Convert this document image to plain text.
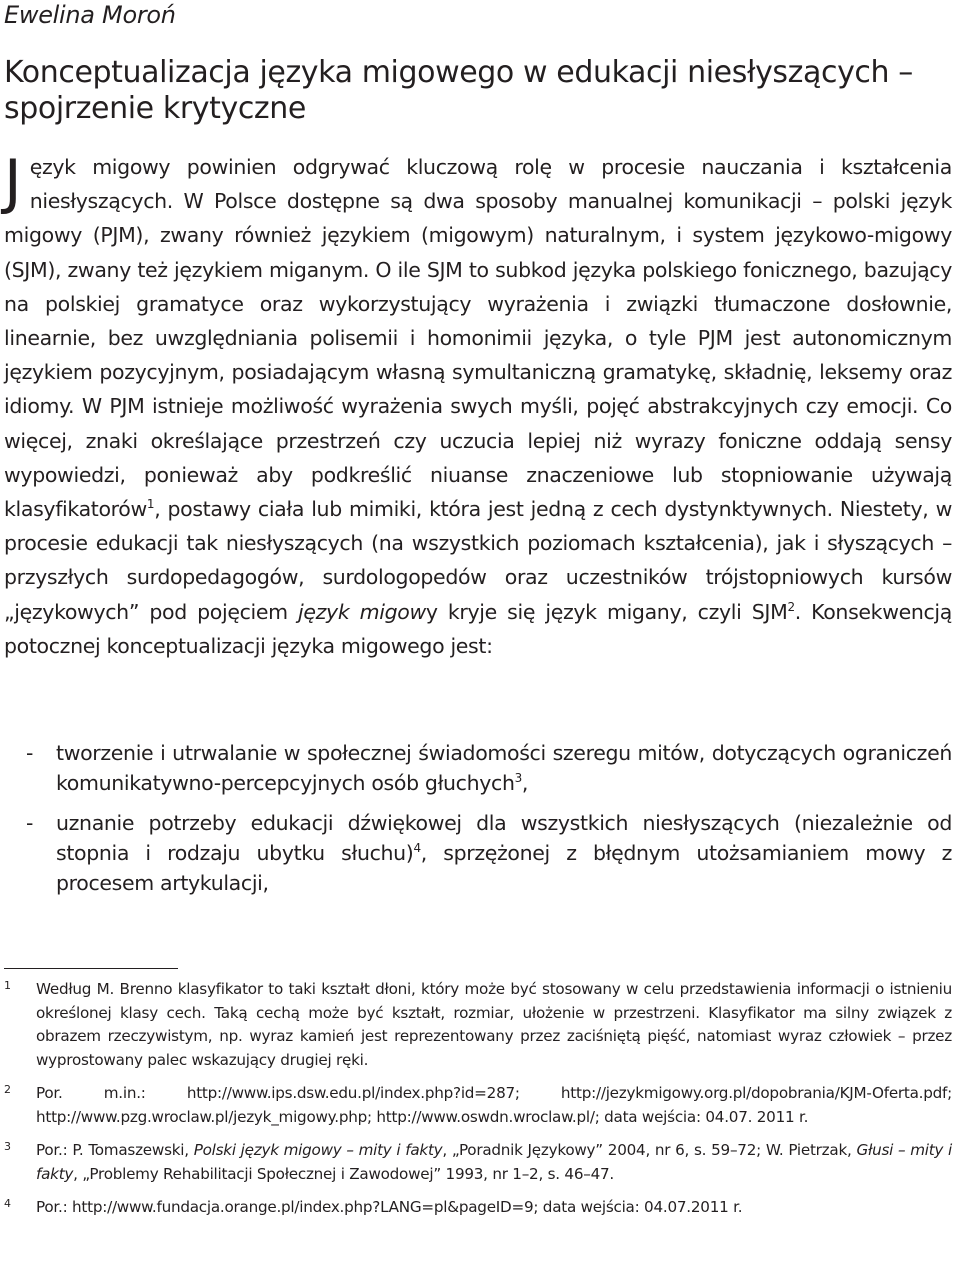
Ewelina Moroń
Konceptualizacja języka migowego w edukacji niesłyszących – spojrzenie krytyczne

Język migowy powinien odgrywać kluczową rolę w procesie nauczania i kształcenia niesłyszących. W Polsce dostępne są dwa sposoby manualnej komunikacji – polski język migowy (PJM), zwany również językiem (migowym) naturalnym, i system językowo-migowy (SJM), zwany też językiem miganym. O ile SJM to subkod języka polskiego fonicznego, bazujący na polskiej gramatyce oraz wykorzystujący wyrażenia i związki tłumaczone dosłownie, linearnie, bez uwzględniania polisemii i homonimii języka, o tyle PJM jest autonomicznym językiem pozycyjnym, posiadającym własną symultaniczną gramatykę, składnię, leksemy oraz idiomy. W PJM istnieje możliwość wyrażenia swych myśli, pojęć abstrakcyjnych czy emocji. Co więcej, znaki określające przestrzeń czy uczucia lepiej niż wyrazy foniczne oddają sensy wypowiedzi, ponieważ aby podkreślić niuanse znaczeniowe lub stopniowanie używają klasyfikatorów$^1$, postawy ciała lub mimiki, która jest jedną z cech dystynktywnych. Niestety, w procesie edukacji tak niesłyszących (na wszystkich poziomach kształcenia), jak i słyszących – przyszłych surdopedagogów, surdologopedów oraz uczestników trójstopniowych kursów „językowych” pod pojęciem język migowy kryje się język migany, czyli SJM$^2$. Konsekwencją potocznej konceptualizacji języka migowego jest:

- tworzenie i utrwalanie w społecznej świadomości szeregu mitów, dotyczących ograniczeń komunikatywno-percepcyjnych osób głuchych$^3$,
- uznanie potrzeby edukacji dźwiękowej dla wszystkich niesłyszących (niezależnie od stopnia i rodzaju ubytku słuchu)$^4$, sprzężonej z błędnym utożsamianiem mowy z procesem artykulacji,
1 Według M. Brenno klasyfikator to taki kształt dłoni, który może być stosowany w celu przedstawienia informacji o istnieniu określonej klasy cech. Taką cechą może być kształt, rozmiar, ułożenie w przestrzeni. Klasyfikator ma silny związek z obrazem rzeczywistym, np. wyraz kamień jest reprezentowany przez zaciśniętą pięść, natomiast wyraz człowiek – przez wyprostowany palec wskazujący drugiej ręki.
2 Por. m.in.: http://www.ips.dsw.edu.pl/index.php?id=287; http://jezykmigowy.org.pl/dopobrania/KJM-Oferta.pdf; http://www.pzg.wroclaw.pl/jezyk_migowy.php; http://www.oswdn.wroclaw.pl/; data wejścia: 04.07. 2011 r.
3 Por.: P. Tomaszewski, Polski język migowy – mity i fakty, „Poradnik Językowy” 2004, nr 6, s. 59–72; W. Pietrzak, Głusi – mity i fakty, „Problemy Rehabilitacji Społecznej i Zawodowej” 1993, nr 1–2, s. 46–47.
4 Por.: http://www.fundacja.orange.pl/index.php?LANG=pl&pageID=9; data wejścia: 04.07.2011 r.
